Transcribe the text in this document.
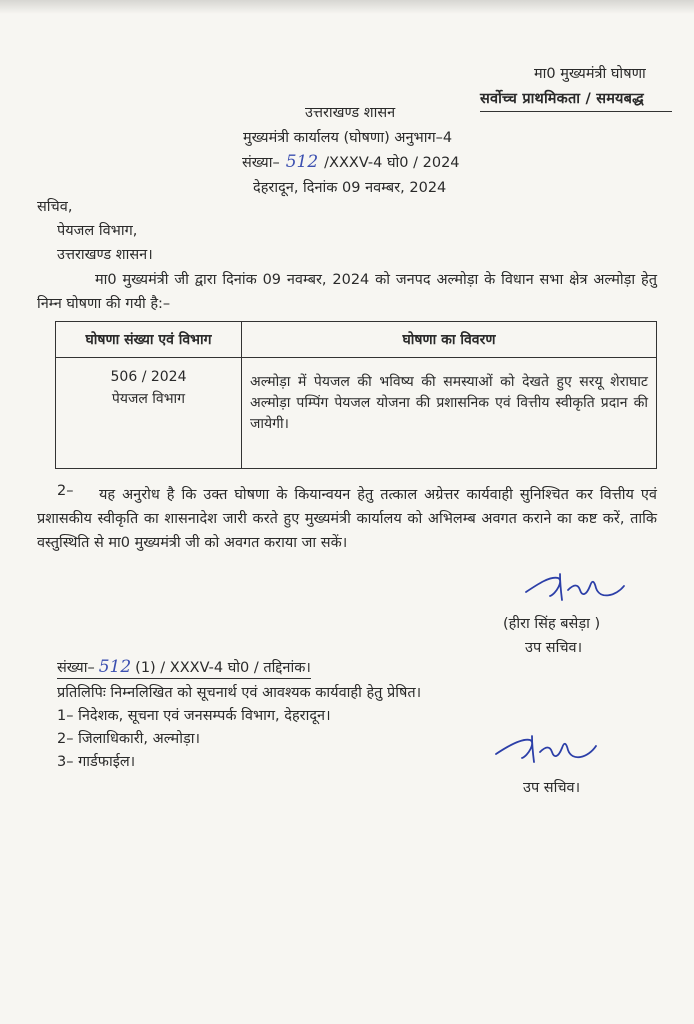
मा0 मुख्यमंत्री घोषणा
सर्वोच्च प्राथमिकता / समयबद्ध
उत्तराखण्ड शासन
मुख्यमंत्री कार्यालय (घोषणा) अनुभाग–4
संख्या– 512 /XXXV-4 घो0 / 2024
देहरादून, दिनांक 09 नवम्बर, 2024
सचिव,
पेयजल विभाग,
उत्तराखण्ड शासन।
मा0 मुख्यमंत्री जी द्वारा दिनांक 09 नवम्बर, 2024 को जनपद अल्मोड़ा के विधान सभा क्षेत्र अल्मोड़ा हेतु निम्न घोषणा की गयी है:–
घोषणा संख्या एवं विभाग	घोषणा का विवरण

506 / 2024
पेयजल विभाग	अल्मोड़ा में पेयजल की भविष्य की समस्याओं को देखते हुए सरयू शेराघाट अल्मोड़ा पम्पिंग पेयजल योजना की प्रशासनिक एवं वित्तीय स्वीकृति प्रदान की जायेगी।
2–	यह अनुरोध है कि उक्त घोषणा के कियान्वयन हेतु तत्काल अग्रेत्तर कार्यवाही सुनिश्चित कर वित्तीय एवं प्रशासकीय स्वीकृति का शासनादेश जारी करते हुए मुख्यमंत्री कार्यालय को अभिलम्ब अवगत कराने का कष्ट करें, ताकि वस्तुस्थिति से मा0 मुख्यमंत्री जी को अवगत कराया जा सकें।
(हीरा सिंह बसेड़ा )
उप सचिव।
संख्या– 512 (1) / XXXV-4 घो0 / तद्दिनांक।
प्रतिलिपिः निम्नलिखित को सूचनार्थ एवं आवश्यक कार्यवाही हेतु प्रेषित।
1– निदेशक, सूचना एवं जनसम्पर्क विभाग, देहरादून।
2– जिलाधिकारी, अल्मोड़ा।
3– गार्डफाईल।
उप सचिव।
